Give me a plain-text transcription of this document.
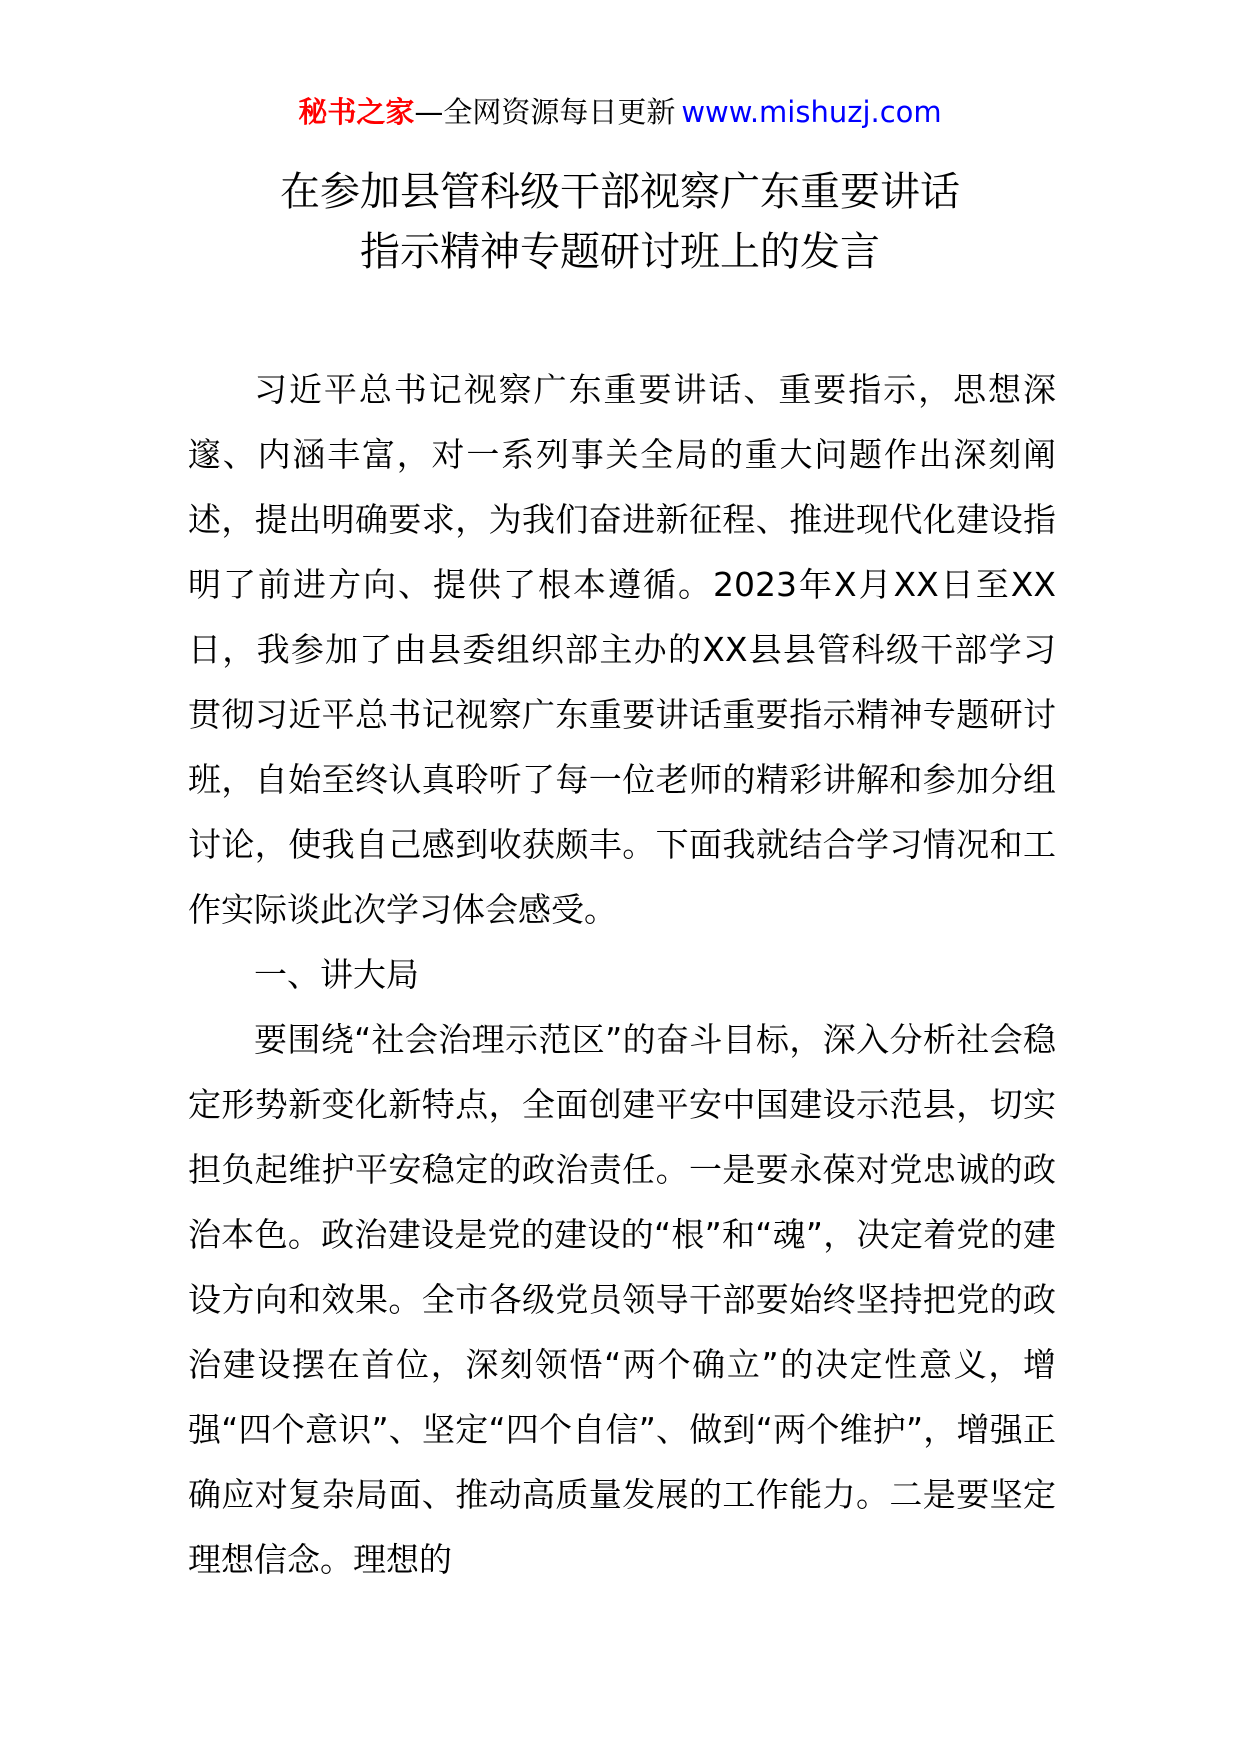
秘书之家—全网资源每日更新 www.mishuzj.com
在参加县管科级干部视察广东重要讲话
指示精神专题研讨班上的发言

习近平总书记视察广东重要讲话、重要指示，思想深邃、内涵丰富，对一系列事关全局的重大问题作出深刻阐述，提出明确要求，为我们奋进新征程、推进现代化建设指明了前进方向、提供了根本遵循。2023年X月XX日至XX日，我参加了由县委组织部主办的XX县县管科级干部学习贯彻习近平总书记视察广东重要讲话重要指示精神专题研讨班，自始至终认真聆听了每一位老师的精彩讲解和参加分组讨论，使我自己感到收获颇丰。下面我就结合学习情况和工作实际谈此次学习体会感受。

一、讲大局

要围绕“社会治理示范区”的奋斗目标，深入分析社会稳定形势新变化新特点，全面创建平安中国建设示范县，切实担负起维护平安稳定的政治责任。一是要永葆对党忠诚的政治本色。政治建设是党的建设的“根”和“魂”，决定着党的建设方向和效果。全市各级党员领导干部要始终坚持把党的政治建设摆在首位，深刻领悟“两个确立”的决定性意义，增强“四个意识”、坚定“四个自信”、做到“两个维护”，增强正确应对复杂局面、推动高质量发展的工作能力。二是要坚定理想信念。理想的
